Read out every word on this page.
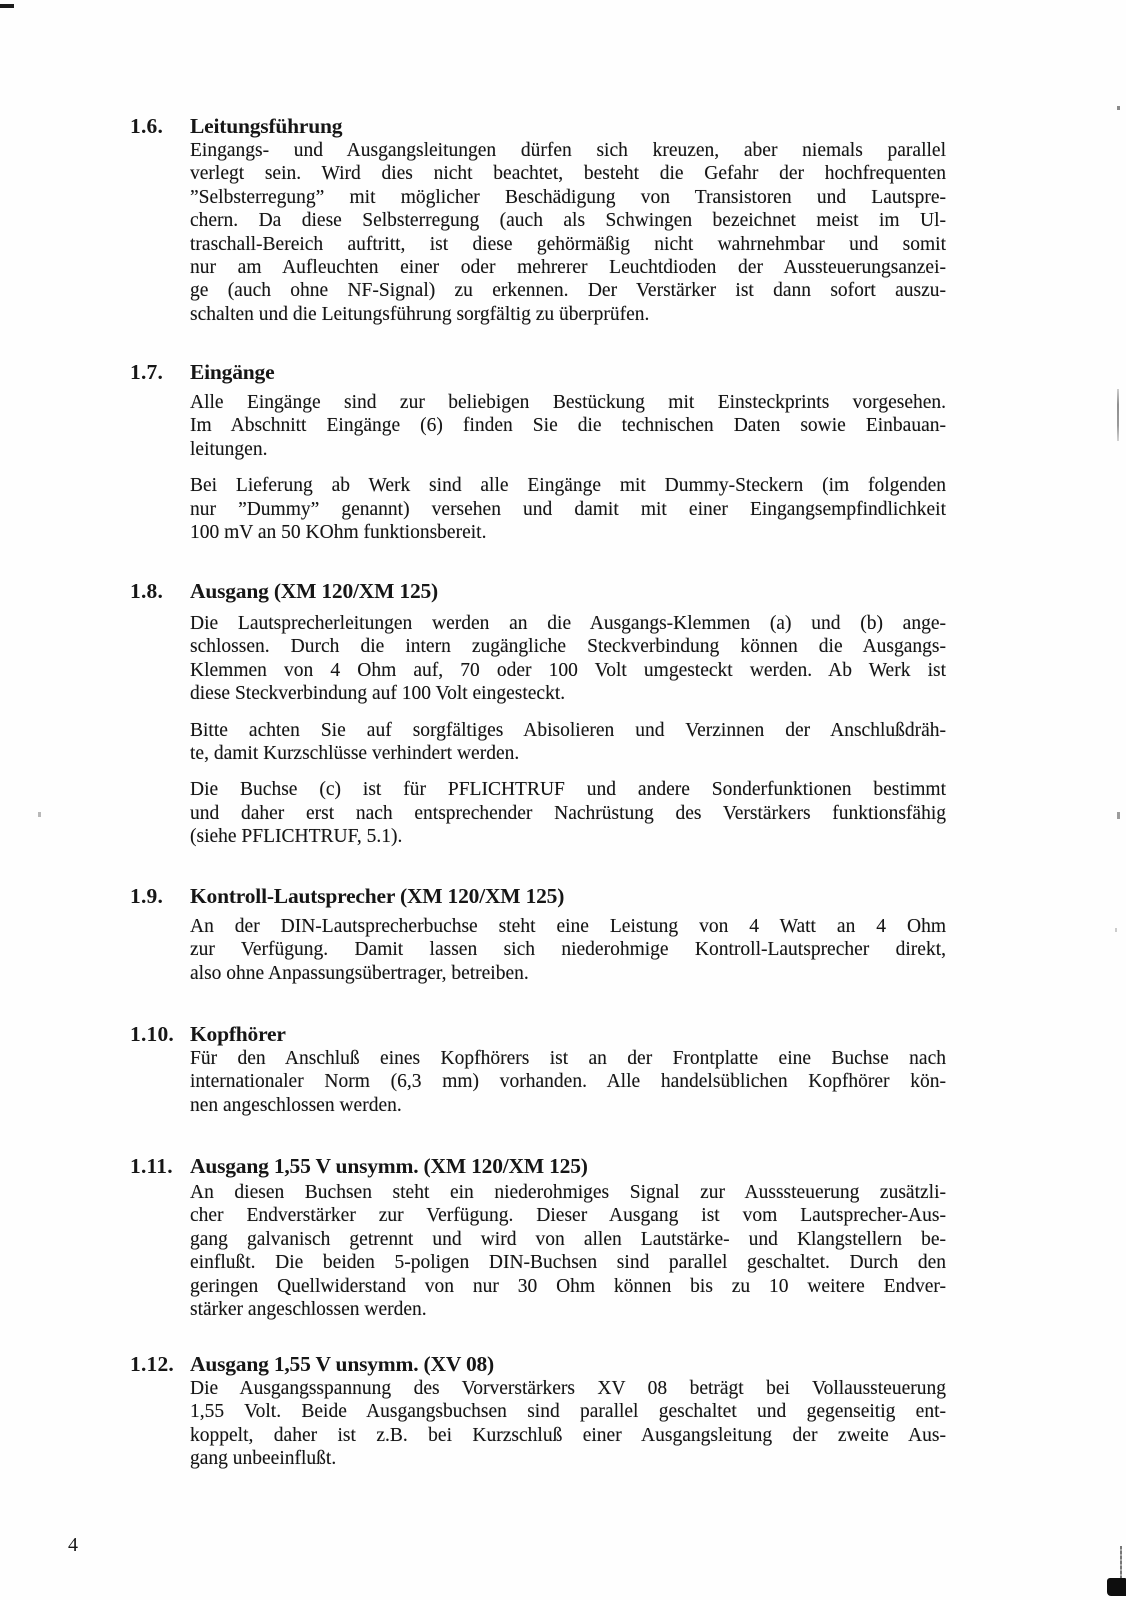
1.6.	Leitungsführung
Eingangs- und Ausgangsleitungen dürfen sich kreuzen, aber niemals parallel
verlegt sein. Wird dies nicht beachtet, besteht die Gefahr der hochfrequenten
”Selbsterregung” mit möglicher Beschädigung von Transistoren und Lautspre-
chern. Da diese Selbsterregung (auch als Schwingen bezeichnet meist im Ul-
traschall-Bereich auftritt, ist diese gehörmäßig nicht wahrnehmbar und somit
nur am Aufleuchten einer oder mehrerer Leuchtdioden der Aussteuerungsanzei-
ge (auch ohne NF-Signal) zu erkennen. Der Verstärker ist dann sofort auszu-
schalten und die Leitungsführung sorgfältig zu überprüfen.
1.7.	Eingänge
Alle Eingänge sind zur beliebigen Bestückung mit Einsteckprints vorgesehen.
Im Abschnitt Eingänge (6) finden Sie die technischen Daten sowie Einbauan-
leitungen.
Bei Lieferung ab Werk sind alle Eingänge mit Dummy-Steckern (im folgenden
nur ”Dummy” genannt) versehen und damit mit einer Eingangsempfindlichkeit
100 mV an 50 KOhm funktionsbereit.
1.8.	Ausgang (XM 120/XM 125)
Die Lautsprecherleitungen werden an die Ausgangs-Klemmen (a) und (b) ange-
schlossen. Durch die intern zugängliche Steckverbindung können die Ausgangs-
Klemmen von 4 Ohm auf, 70 oder 100 Volt umgesteckt werden. Ab Werk ist
diese Steckverbindung auf 100 Volt eingesteckt.
Bitte achten Sie auf sorgfältiges Abisolieren und Verzinnen der Anschlußdräh-
te, damit Kurzschlüsse verhindert werden.
Die Buchse (c) ist für PFLICHTRUF und andere Sonderfunktionen bestimmt
und daher erst nach entsprechender Nachrüstung des Verstärkers funktionsfähig
(siehe PFLICHTRUF, 5.1).
1.9.	Kontroll-Lautsprecher (XM 120/XM 125)
An der DIN-Lautsprecherbuchse steht eine Leistung von 4 Watt an 4 Ohm
zur Verfügung. Damit lassen sich niederohmige Kontroll-Lautsprecher direkt,
also ohne Anpassungsübertrager, betreiben.
1.10. Kopfhörer
Für den Anschluß eines Kopfhörers ist an der Frontplatte eine Buchse nach
internationaler Norm (6,3 mm) vorhanden. Alle handelsüblichen Kopfhörer kön-
nen angeschlossen werden.
1.11. Ausgang 1,55 V unsymm. (XM 120/XM 125)
An diesen Buchsen steht ein niederohmiges Signal zur Ausssteuerung zusätzli-
cher Endverstärker zur Verfügung. Dieser Ausgang ist vom Lautsprecher-Aus-
gang galvanisch getrennt und wird von allen Lautstärke- und Klangstellern be-
einflußt. Die beiden 5-poligen DIN-Buchsen sind parallel geschaltet. Durch den
geringen Quellwiderstand von nur 30 Ohm können bis zu 10 weitere Endver-
stärker angeschlossen werden.
1.12. Ausgang 1,55 V unsymm. (XV 08)
Die Ausgangsspannung des Vorverstärkers XV 08 beträgt bei Vollaussteuerung
1,55 Volt. Beide Ausgangsbuchsen sind parallel geschaltet und gegenseitig ent-
koppelt, daher ist z.B. bei Kurzschluß einer Ausgangsleitung der zweite Aus-
gang unbeeinflußt.
4
